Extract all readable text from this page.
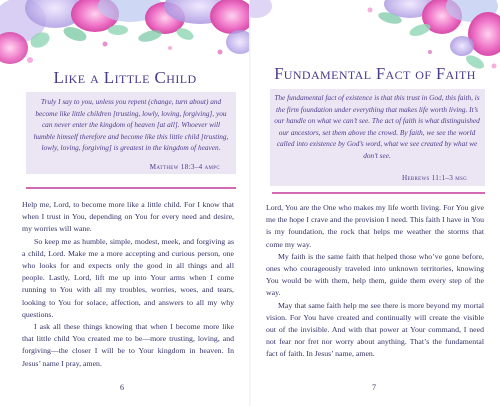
Like a Little Child
Truly I say to you, unless you repent (change, turn about) and become like little children [trusting, lowly, loving, forgiving], you can never enter the kingdom of heaven [at all]. Whoever will humble himself therefore and become like this little child [trusting, lowly, loving, forgiving] is greatest in the kingdom of heaven.
Matthew 18:3–4 ampc

Help me, Lord, to become more like a little child. For I know that when I trust in You, depending on You for every need and desire, my worries will wane.

So keep me as humble, simple, modest, meek, and forgiving as a child, Lord. Make me a more accepting and curious person, one who looks for and expects only the good in all things and all people. Lastly, Lord, lift me up into Your arms when I come running to You with all my troubles, worries, woes, and tears, looking to You for solace, affection, and answers to all my why questions.

I ask all these things knowing that when I become more like that little child You created me to be—more trusting, loving, and forgiving—the closer I will be to Your kingdom in heaven. In Jesus’ name I pray, amen.

6
Fundamental Fact of Faith
The fundamental fact of existence is that this trust in God, this faith, is the firm foundation under everything that makes life worth living. It’s our handle on what we can’t see. The act of faith is what distinguished our ancestors, set them above the crowd. By faith, we see the world called into existence by God’s word, what we see created by what we don’t see.
Hebrews 11:1–3 msg

Lord, You are the One who makes my life worth living. For You give me the hope I crave and the provision I need. This faith I have in You is my foundation, the rock that helps me weather the storms that come my way.

My faith is the same faith that helped those who’ve gone before, ones who courageously traveled into unknown territories, knowing You would be with them, help them, guide them every step of the way.

May that same faith help me see there is more beyond my mortal vision. For You have created and continually will create the visible out of the invisible. And with that power at Your command, I need not fear nor fret nor worry about anything. That’s the fundamental fact of faith. In Jesus’ name, amen.

7
